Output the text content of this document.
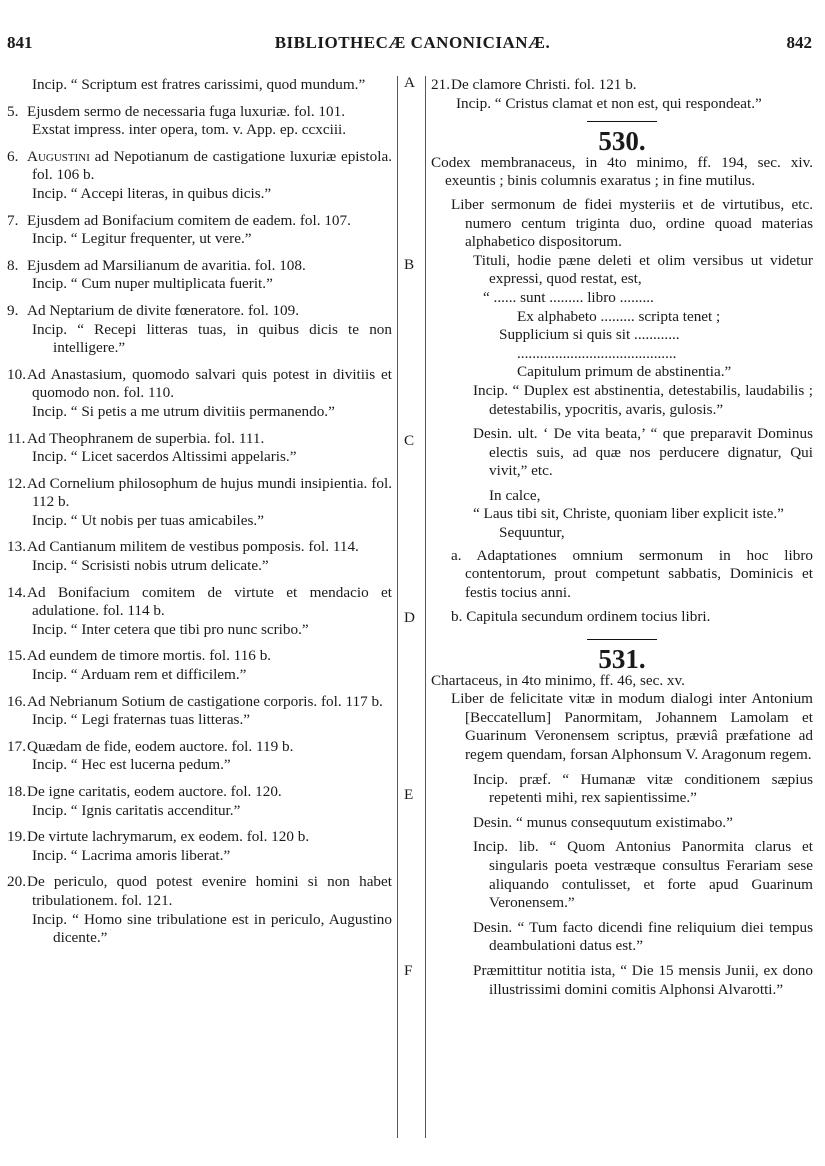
841	BIBLIOTHECÆ CANONICIANÆ.	842
A
B
C
D
E
F
Incip. “ Scriptum est fratres carissimi, quod mundum.”
5. Ejusdem sermo de necessaria fuga luxuriæ. fol. 101.
Exstat impress. inter opera, tom. v. App. ep. ccxciii.
6. Augustini ad Nepotianum de castigatione luxuriæ epistola. fol. 106 b.
Incip. “ Accepi literas, in quibus dicis.”
7. Ejusdem ad Bonifacium comitem de eadem. fol. 107.
Incip. “ Legitur frequenter, ut vere.”
8. Ejusdem ad Marsilianum de avaritia. fol. 108.
Incip. “ Cum nuper multiplicata fuerit.”
9. Ad Neptarium de divite fœneratore. fol. 109.
Incip. “ Recepi litteras tuas, in quibus dicis te non intelligere.”
10.Ad Anastasium, quomodo salvari quis potest in divitiis et quomodo non. fol. 110.
Incip. “ Si petis a me utrum divitiis permanendo.”
11. Ad Theophranem de superbia. fol. 111.
Incip. “ Licet sacerdos Altissimi appelaris.”
12.Ad Cornelium philosophum de hujus mundi insipientia. fol. 112 b.
Incip. “ Ut nobis per tuas amicabiles.”
13.Ad Cantianum militem de vestibus pomposis. fol. 114.
Incip. “ Scrisisti nobis utrum delicate.”
14.Ad Bonifacium comitem de virtute et mendacio et adulatione. fol. 114 b.
Incip. “ Inter cetera que tibi pro nunc scribo.”
15.Ad eundem de timore mortis. fol. 116 b.
Incip. “ Arduam rem et difficilem.”
16.Ad Nebrianum Sotium de castigatione corporis. fol. 117 b.
Incip. “ Legi fraternas tuas litteras.”
17.Quædam de fide, eodem auctore. fol. 119 b.
Incip. “ Hec est lucerna pedum.”
18.De igne caritatis, eodem auctore. fol. 120.
Incip. “ Ignis caritatis accenditur.”
19.De virtute lachrymarum, ex eodem. fol. 120 b.
Incip. “ Lacrima amoris liberat.”
20.De periculo, quod potest evenire homini si non habet tribulationem. fol. 121.
Incip. “ Homo sine tribulatione est in periculo, Augustino dicente.”
21.De clamore Christi. fol. 121 b.
Incip. “ Cristus clamat et non est, qui respondeat.”
530.
Codex membranaceus, in 4to minimo, ff. 194, sec. xiv. exeuntis ; binis columnis exaratus ; in fine mutilus.
Liber sermonum de fidei mysteriis et de virtutibus, etc. numero centum triginta duo, ordine quoad materias alphabetico dispositorum.
Tituli, hodie pæne deleti et olim versibus ut videtur expressi, quod restat, est,
“ ...... sunt ......... libro .........
Ex alphabeto ......... scripta tenet ;
Supplicium si quis sit ............
..........................................
Capitulum primum de abstinentia.”
Incip. “ Duplex est abstinentia, detestabilis, laudabilis ; detestabilis, ypocritis, avaris, gulosis.”
Desin. ult. ‘ De vita beata,’ “ que preparavit Dominus electis suis, ad quæ nos perducere dignatur, Qui vivit,” etc.
In calce,
“ Laus tibi sit, Christe, quoniam liber explicit iste.”
Sequuntur,
a. Adaptationes omnium sermonum in hoc libro contentorum, prout competunt sabbatis, Dominicis et festis tocius anni.
b. Capitula secundum ordinem tocius libri.
531.
Chartaceus, in 4to minimo, ff. 46, sec. xv.
Liber de felicitate vitæ in modum dialogi inter Antonium [Beccatellum] Panormitam, Johannem Lamolam et Guarinum Veronensem scriptus, præviâ præfatione ad regem quendam, forsan Alphonsum V. Aragonum regem.
Incip. præf. “ Humanæ vitæ conditionem sæpius repetenti mihi, rex sapientissime.”
Desin. “ munus consequutum existimabo.”
Incip. lib. “ Quom Antonius Panormita clarus et singularis poeta vestræque consultus Ferariam sese aliquando contulisset, et forte apud Guarinum Veronensem.”
Desin. “ Tum facto dicendi fine reliquium diei tempus deambulationi datus est.”
Præmittitur notitia ista, “ Die 15 mensis Junii, ex dono illustrissimi domini comitis Alphonsi Alvarotti.”
